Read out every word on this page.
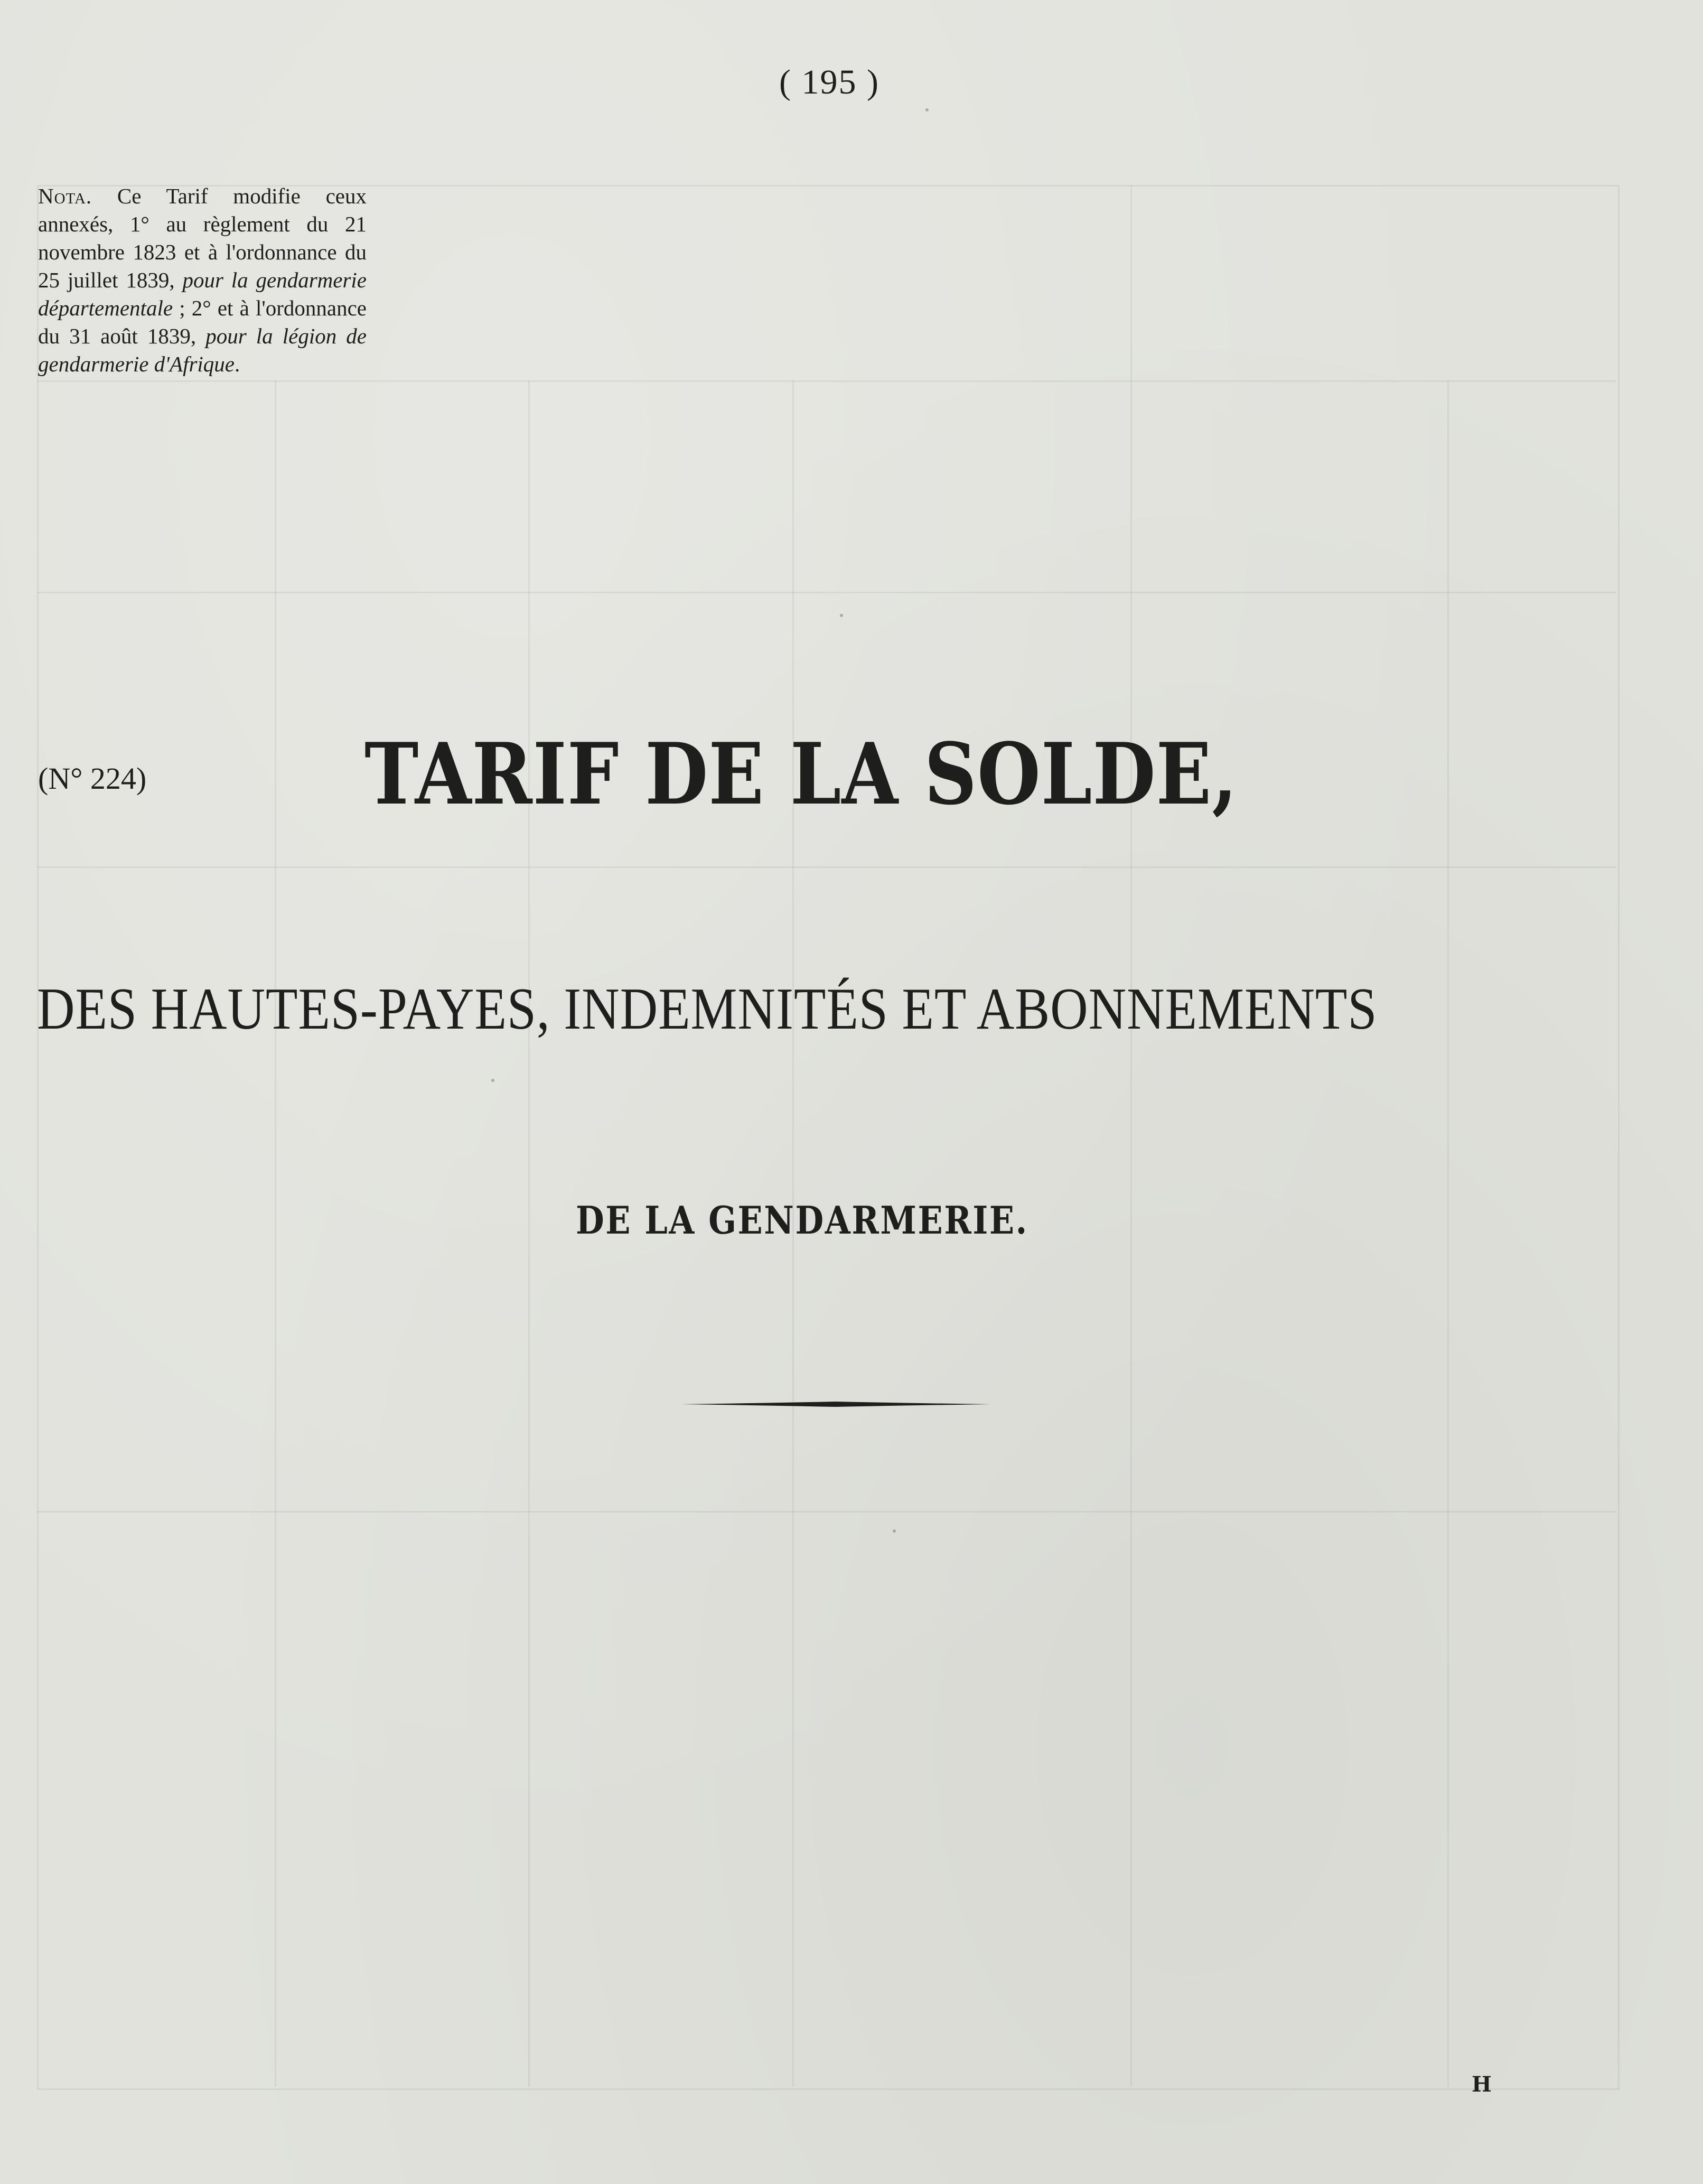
( 195 )
Nota. Ce Tarif modifie ceux annexés, 1° au règlement du 21 novembre 1823 et à l'ordonnance du 25 juillet 1839, pour la gendarmerie départementale ; 2° et à l'ordonnance du 31 août 1839, pour la légion de gendarmerie d'Afrique.
(N° 224)	TARIF DE LA SOLDE,
DES HAUTES-PAYES, INDEMNITÉS ET ABONNEMENTS
DE LA GENDARMERIE.
H
